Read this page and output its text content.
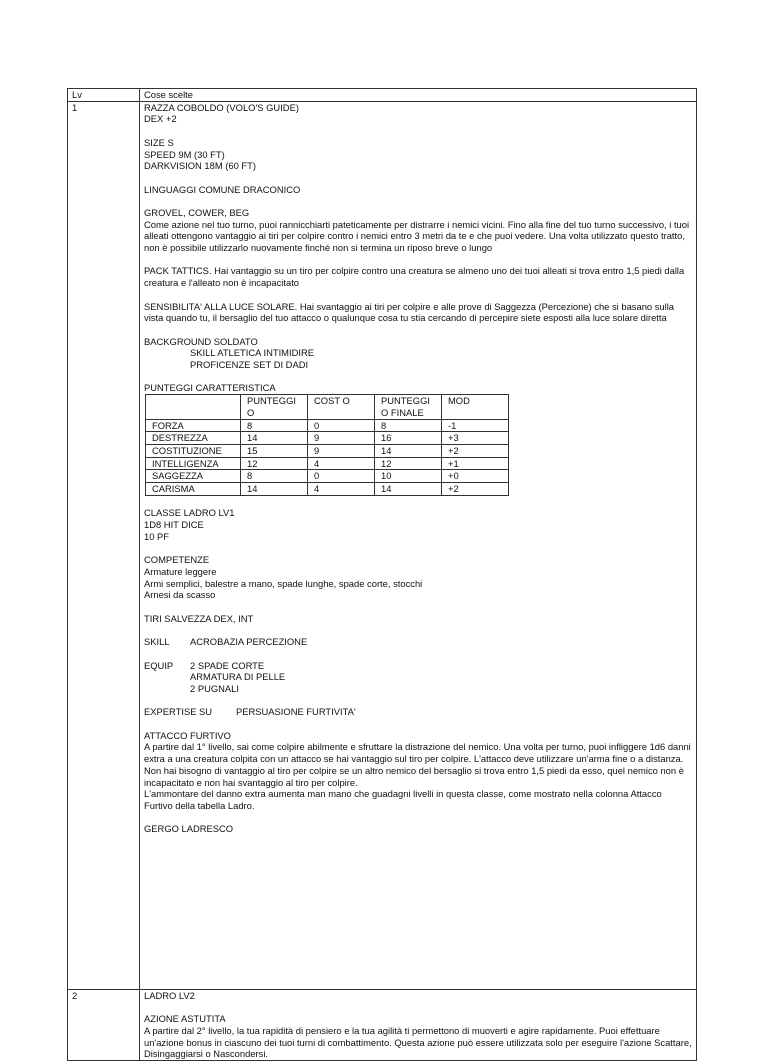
Lv	Cose scelte
1	RAZZA COBOLDO (VOLO'S GUIDE)
DEX +2
SIZE S
SPEED 9M (30 FT)
DARKVISION 18M (60 FT)
LINGUAGGI COMUNE DRACONICO
GROVEL, COWER, BEG
Come azione nel tuo turno, puoi rannicchiarti pateticamente per distrarre i nemici vicini. Fino alla fine del tuo turno successivo, i tuoi alleati ottengono vantaggio ai tiri per colpire contro i nemici entro 3 metri da te e che puoi vedere. Una volta utilizzato questo tratto, non è possibile utilizzarlo nuovamente finché non si termina un riposo breve o lungo
PACK TATTICS. Hai vantaggio su un tiro per colpire contro una creatura se almeno uno dei tuoi alleati si trova entro 1,5 piedi dalla creatura e l'alleato non è incapacitato
SENSIBILITA' ALLA LUCE SOLARE. Hai svantaggio ai tiri per colpire e alle prove di Saggezza (Percezione) che si basano sulla vista quando tu, il bersaglio del tuo attacco o qualunque cosa tu stia cercando di percepire siete esposti alla luce solare diretta
BACKGROUND SOLDATO
SKILL ATLETICA INTIMIDIRE
PROFICENZE SET DI DADI
PUNTEGGI CARATTERISTICA
	PUNTEGGI O	COST O	PUNTEGGI O FINALE	MOD
FORZA	8	0	8	-1
DESTREZZA	14	9	16	+3
COSTITUZIONE	15	9	14	+2
INTELLIGENZA	12	4	12	+1
SAGGEZZA	8	0	10	+0
CARISMA	14	4	14	+2
CLASSE LADRO LV1
1D8 HIT DICE
10 PF
COMPETENZE
Armature leggere
Armi semplici, balestre a mano, spade lunghe, spade corte, stocchi
Arnesi da scasso
TIRI SALVEZZA DEX, INT
SKILL	ACROBAZIA PERCEZIONE
EQUIP	2 SPADE CORTE
ARMATURA DI PELLE
2 PUGNALI
EXPERTISE SU	PERSUASIONE FURTIVITA'
ATTACCO FURTIVO
A partire dal 1° livello, sai come colpire abilmente e sfruttare la distrazione del nemico. Una volta per turno, puoi infliggere 1d6 danni extra a una creatura colpita con un attacco se hai vantaggio sul tiro per colpire. L'attacco deve utilizzare un'arma fine o a distanza.
Non hai bisogno di vantaggio al tiro per colpire se un altro nemico del bersaglio si trova entro 1,5 piedi da esso, quel nemico non è incapacitato e non hai svantaggio al tiro per colpire.
L'ammontare del danno extra aumenta man mano che guadagni livelli in questa classe, come mostrato nella colonna Attacco Furtivo della tabella Ladro.
GERGO LADRESCO

2	LADRO LV2
AZIONE ASTUTITA
A partire dal 2° livello, la tua rapidità di pensiero e la tua agilità ti permettono di muoverti e agire rapidamente. Puoi effettuare un'azione bonus in ciascuno dei tuoi turni di combattimento. Questa azione può essere utilizzata solo per eseguire l'azione Scattare, Disingaggiarsi o Nascondersi.
